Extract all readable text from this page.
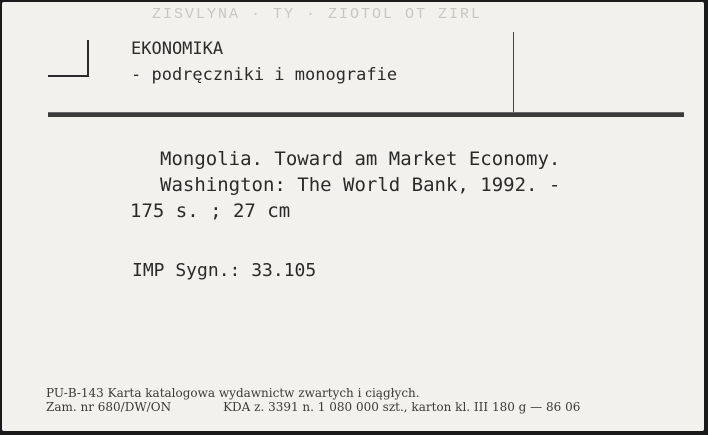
ZISVLYNA · TY · ZIOTOL OT ZIRL
EKONOMIKA
- podręczniki i monografie
Mongolia. Toward am Market Economy.
Washington: The World Bank, 1992. -
175 s. ; 27 cm
IMP Sygn.: 33.105
PU-B-143 Karta katalogowa wydawnictw zwartych i ciągłych.
Zam. nr 680/DW/ON	KDA z. 3391 n. 1 080 000 szt., karton kl. III 180 g — 86 06
